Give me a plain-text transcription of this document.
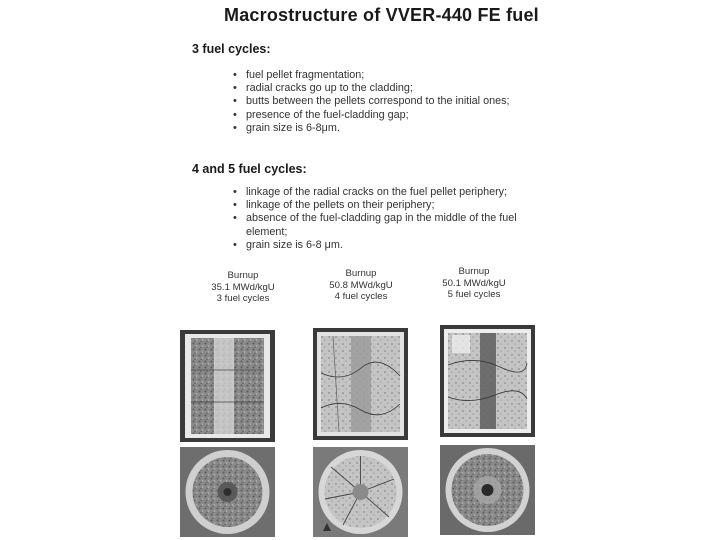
Macrostructure of VVER-440 FE fuel
3 fuel cycles:
• fuel pellet fragmentation;
• radial cracks go up to the cladding;
• butts between the pellets correspond to the initial ones;
• presence of the fuel-cladding gap;
• grain size is 6-8μm.
4 and 5 fuel cycles:
• linkage of the radial cracks on the fuel pellet periphery;
• linkage of the pellets on their periphery;
• absence of the fuel-cladding gap in the middle of the fuel element;
• grain size is 6-8 μm.
Burnup
35.1 MWd/kgU
3 fuel cycles
Burnup
50.8 MWd/kgU
4 fuel cycles
Burnup
50.1 MWd/kgU
5 fuel cycles
